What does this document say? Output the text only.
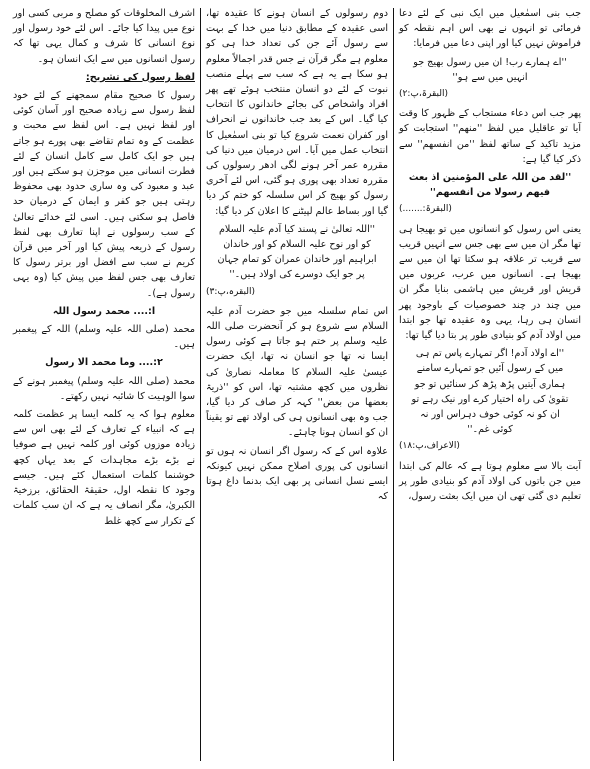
جب بنی اسمٰعیل میں ایک نبی کے لئے دعا فرمائی تو انہوں نے بھی اس اہم نقطہ کو فراموش نہیں کیا اور اپنی دعا میں فرمایا:

''اے ہمارے رب! ان میں رسول بھیج جو انہیں میں سے ہو''

(البقرۃ،پ:۲)

پھر جب اس دعاء مستجاب کے ظہور کا وقت آیا تو عاقلیل میں لفظ ''منھم'' استجابت کو مزید تاکید کے ساتھ لفظ ''من انفسھم'' سے ذکر کیا گیا ہے:

''لقد من اللہ علی المؤمنین اذ بعث فیھم رسولا من انفسھم''

(البقرۃ:.......)

یعنی اس رسول کو انسانوں میں تو بھیجا ہی تھا مگر ان میں سے بھی جس سے انہیں قریب سے قریب تر علاقہ ہو سکتا تھا ان میں سے بھیجا ہے۔ انسانوں میں عرب، عربوں میں قریش اور قریش میں ہاشمی بنایا مگر ان میں چند در چند خصوصیات کے باوجود پھر انسان ہی رہا، یہی وہ عقیدہ تھا جو ابتدا میں اولاد آدم کو بنیادی طور پر بتا دیا گیا تھا:

''اے اولاد آدم! اگر تمہارے پاس تم ہی میں کے رسول آئیں جو تمہارے سامنے ہماری آیتیں پڑھ پڑھ کر سنائیں تو جو تقویٰ کی راہ اختیار کرے اور نیک رہے تو ان کو نہ کوئی خوف دہراس اور نہ کوئی غم۔''

(الاعراف،پ:۱۸)

آیت بالا سے معلوم ہوتا ہے کہ عالم کی ابتدا میں جن باتوں کی اولاد آدم کو بنیادی طور پر تعلیم دی گئی تھی ان میں ایک بعثت رسول،

دوم رسولوں کے انسان ہونے کا عقیدہ تھا، اسی عقیدہ کے مطابق دنیا میں خدا کے بہت سے رسول آئے جن کی تعداد خدا ہی کو معلوم ہے مگر قرآن نے جس قدر اجمالاً معلوم ہو سکا ہے یہ ہے کہ سب سے پہلے منصب نبوت کے لئے دو انسان منتخب ہوئے تھے پھر افراد واشخاص کی بجائے خاندانوں کا انتخاب کیا گیا۔ اس کے بعد جب خاندانوں نے انحراف اور کفران نعمت شروع کیا تو بنی اسمٰعیل کا انتخاب عمل میں آیا۔ اس درمیان میں دنیا کی مقررہ عمر آخر ہونے لگی ادھر رسولوں کی مقررہ تعداد بھی پوری ہو گئی، اس لئے آخری رسول کو بھیج کر اس سلسلہ کو ختم کر دیا گیا اور بساط عالم لپیٹنے کا اعلان کر دیا گیا:

''اللہ تعالیٰ نے پسند کیا آدم علیہ السلام کو اور نوح علیہ السلام کو اور خاندان ابراہیم اور خاندان عمران کو تمام جہان پر جو ایک دوسرے کی اولاد ہیں۔''

(البقرہ،پ:۳)

اس تمام سلسلہ میں جو حضرت آدم علیہ السلام سے شروع ہو کر آنحضرت صلی اللہ علیہ وسلم پر ختم ہو جاتا ہے کوئی رسول ایسا نہ تھا جو انسان نہ تھا، ایک حضرت عیسیٰ علیہ السلام کا معاملہ نصاریٰ کی نظروں میں کچھ مشتبہ تھا، اس کو ''ذریۃ بعضھا من بعض'' کہہ کر صاف کر دیا گیا، جب وہ بھی انسانوں ہی کی اولاد تھے تو یقیناً ان کو انسان ہونا چاہئے۔

علاوہ اس کے کہ رسول اگر انسان نہ ہوں تو انسانوں کی پوری اصلاح ممکن نہیں کیونکہ ایسے نسل انسانی پر بھی ایک بدنما داغ ہوتا کہ

اشرف المخلوقات کو مصلح و مربی کسی اور نوع میں پیدا کیا جائے۔ اس لئے خود رسول اور نوع انسانی کا شرف و کمال یہی تھا کہ رسول انسانوں میں سے ایک انسان ہو۔

لفظ رسول کی تشریح:

رسول کا صحیح مقام سمجھنے کے لئے خود لفظ رسول سے زیادہ صحیح اور آسان کوئی اور لفظ نہیں ہے۔ اس لفظ سے محبت و عظمت کے وہ تمام تقاضے بھی پورے ہو جاتے ہیں جو ایک کامل سے کامل انسان کے لئے فطرت انسانی میں موجزن ہو سکتے ہیں اور عبد و معبود کی وہ ساری حدود بھی محفوظ رہتی ہیں جو کفر و ایمان کے درمیان حد فاصل ہو سکتی ہیں۔ اسی لئے خدائے تعالیٰ کے سب رسولوں نے اپنا تعارف بھی لفظ رسول کے ذریعہ پیش کیا اور آخر میں قرآن کریم نے سب سے افضل اور برتر رسول کا تعارف بھی جس لفظ میں پیش کیا (وہ یہی رسول ہے)۔

ا:.... محمد رسول اللہ

محمد (صلی اللہ علیہ وسلم) اللہ کے پیغمبر ہیں۔

۲:.... وما محمد الا رسول

محمد (صلی اللہ علیہ وسلم) پیغمبر ہونے کے سوا الوہیت کا شائبہ نہیں رکھتے۔

معلوم ہوا کہ یہ کلمہ ایسا پر عظمت کلمہ ہے کہ انبیاء کے تعارف کے لئے بھی اس سے زیادہ موزوں کوئی اور کلمہ نہیں ہے صوفیا نے بڑے بڑے مجاہدات کے بعد یہاں کچھ خوشنما کلمات استعمال کئے ہیں۔ جیسے وجود کا نقطہ اول، حقیقۃ الحقائق، برزخیۃ الکبریٰ، مگر انصاف یہ ہے کہ ان سب کلمات کے تکرار سے کچھ غلط
